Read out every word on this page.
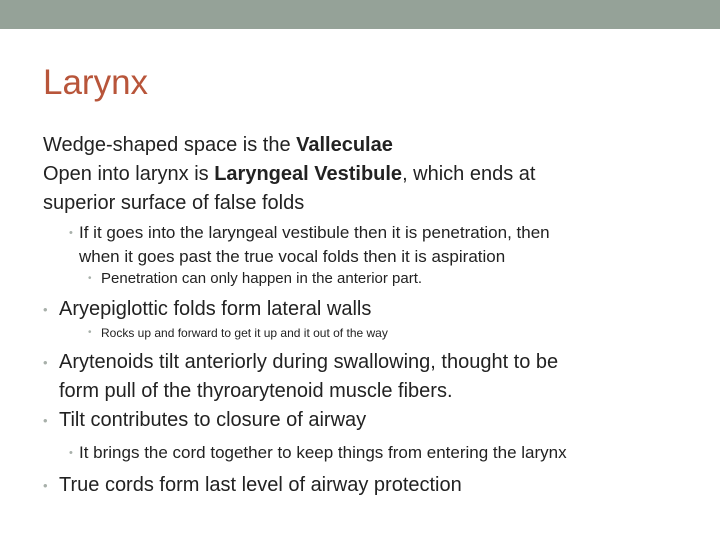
Larynx
Wedge-shaped space is the Valleculae
Open into larynx is Laryngeal Vestibule, which ends at
superior surface of false folds
• If it goes into the laryngeal vestibule then it is penetration, then
when it goes past the true vocal folds then it is aspiration
• Penetration can only happen in the anterior part.
• Aryepiglottic folds form lateral walls
• Rocks up and forward to get it up and it out of the way
• Arytenoids tilt anteriorly during swallowing, thought to be
form pull of the thyroarytenoid muscle fibers.
• Tilt contributes to closure of airway
• It brings the cord together to keep things from entering the larynx
• True cords form last level of airway protection
